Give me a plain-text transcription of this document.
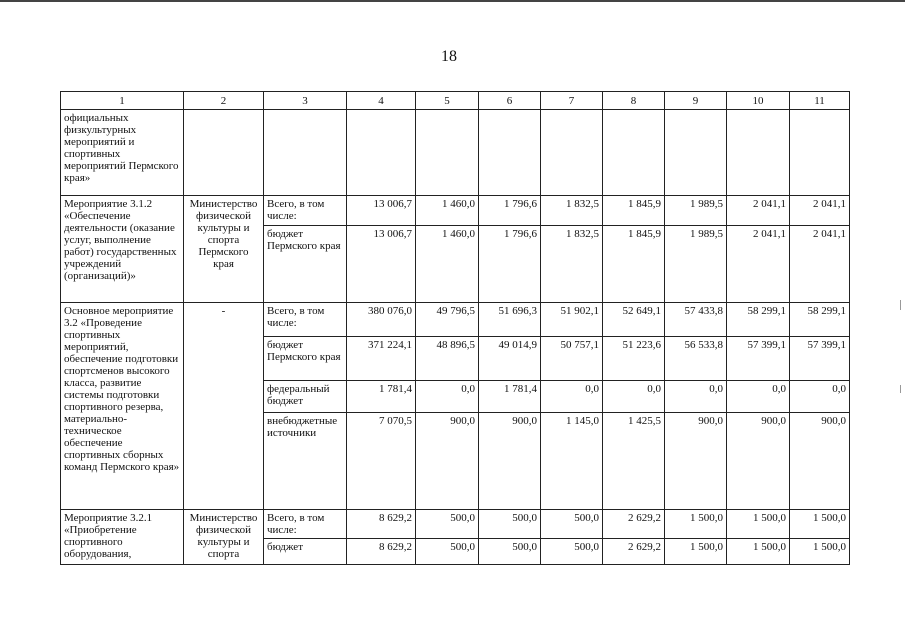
18
1	2	3	4	5	6	7	8	9	10	11
официальных физкультурных мероприятий и спортивных мероприятий Пермского края»										
Мероприятие 3.1.2 «Обеспечение деятельности (оказание услуг, выполнение работ) государственных учреждений (организаций)»	Министерство физической культуры и спорта Пермского края	Всего, в том числе:	13 006,7	1 460,0	1 796,6	1 832,5	1 845,9	1 989,5	2 041,1	2 041,1
		бюджет Пермского края	13 006,7	1 460,0	1 796,6	1 832,5	1 845,9	1 989,5	2 041,1	2 041,1
Основное мероприятие 3.2 «Проведение спортивных мероприятий, обеспечение подготовки спортсменов высокого класса, развитие системы подготовки спортивного резерва, материально-техническое обеспечение спортивных сборных команд Пермского края»	-	Всего, в том числе:	380 076,0	49 796,5	51 696,3	51 902,1	52 649,1	57 433,8	58 299,1	58 299,1
		бюджет Пермского края	371 224,1	48 896,5	49 014,9	50 757,1	51 223,6	56 533,8	57 399,1	57 399,1
		федеральный бюджет	1 781,4	0,0	1 781,4	0,0	0,0	0,0	0,0	0,0
		внебюджетные источники	7 070,5	900,0	900,0	1 145,0	1 425,5	900,0	900,0	900,0
Мероприятие 3.2.1 «Приобретение спортивного оборудования,	Министерство физической культуры и спорта	Всего, в том числе:	8 629,2	500,0	500,0	500,0	2 629,2	1 500,0	1 500,0	1 500,0
		бюджет	8 629,2	500,0	500,0	500,0	2 629,2	1 500,0	1 500,0	1 500,0
